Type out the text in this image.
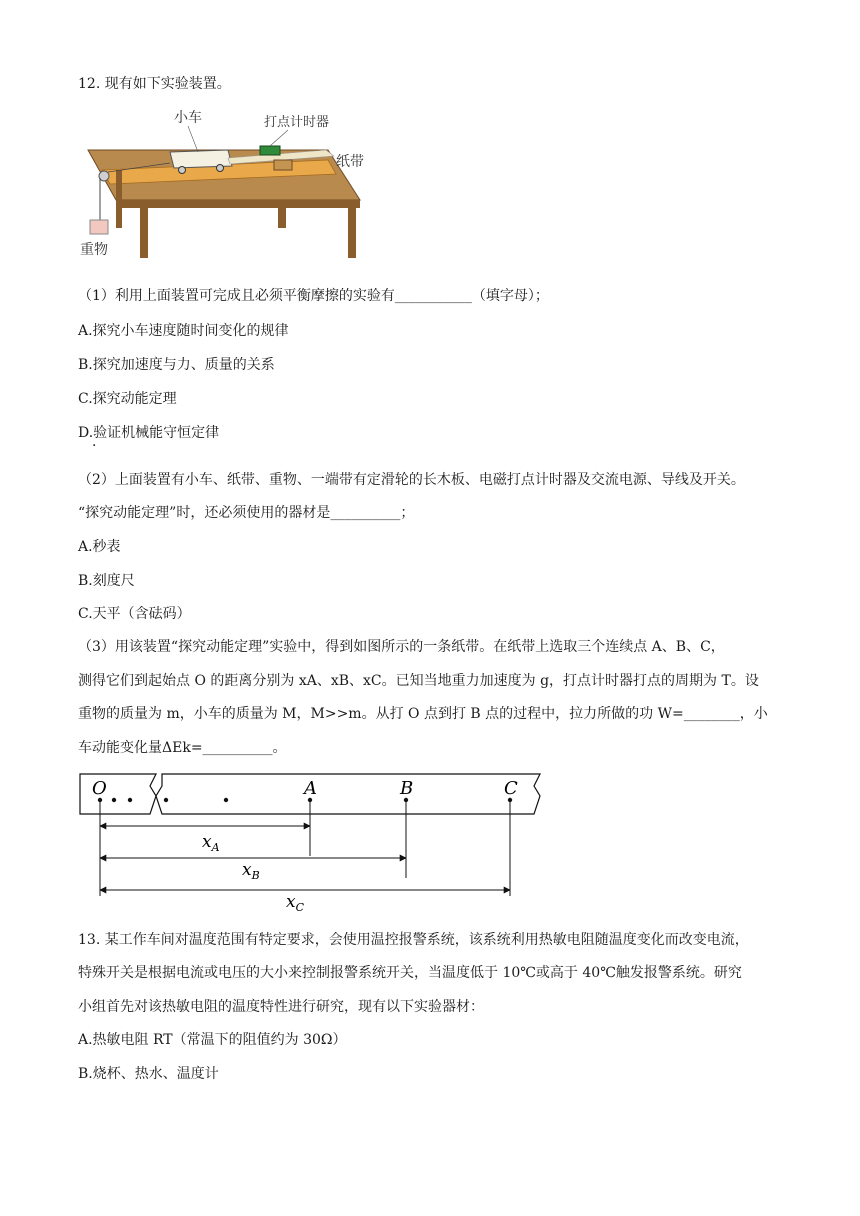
12. 现有如下实验装置。
小车	打点计时器
纸带
重物
（1）利用上面装置可完成且必须平衡摩擦的实验有___________（填字母）；
A.探究小车速度随时间变化的规律
B.探究加速度与力、质量的关系
C.探究动能定理
D.验证机械能守恒定律
·
（2）上面装置有小车、纸带、重物、一端带有定滑轮的长木板、电磁打点计时器及交流电源、导线及开关。
“探究动能定理”时，还必须使用的器材是__________；
A.秒表
B.刻度尺
C.天平（含砝码）
（3）用该装置“探究动能定理”实验中，得到如图所示的一条纸带。在纸带上选取三个连续点 A、B、C，
测得它们到起始点 O 的距离分别为 xA、xB、xC。已知当地重力加速度为 g，打点计时器打点的周期为 T。设
重物的质量为 m，小车的质量为 M，M>>m。从打 O 点到打 B 点的过程中，拉力所做的功 W=________，小
车动能变化量ΔEk=__________。
O	A	B	C
$x_A$
$x_B$
$x_C$
13. 某工作车间对温度范围有特定要求，会使用温控报警系统，该系统利用热敏电阻随温度变化而改变电流，
特殊开关是根据电流或电压的大小来控制报警系统开关，当温度低于 10℃或高于 40℃触发报警系统。研究
小组首先对该热敏电阻的温度特性进行研究，现有以下实验器材：
A.热敏电阻 RT（常温下的阻值约为 30Ω）
B.烧杯、热水、温度计
